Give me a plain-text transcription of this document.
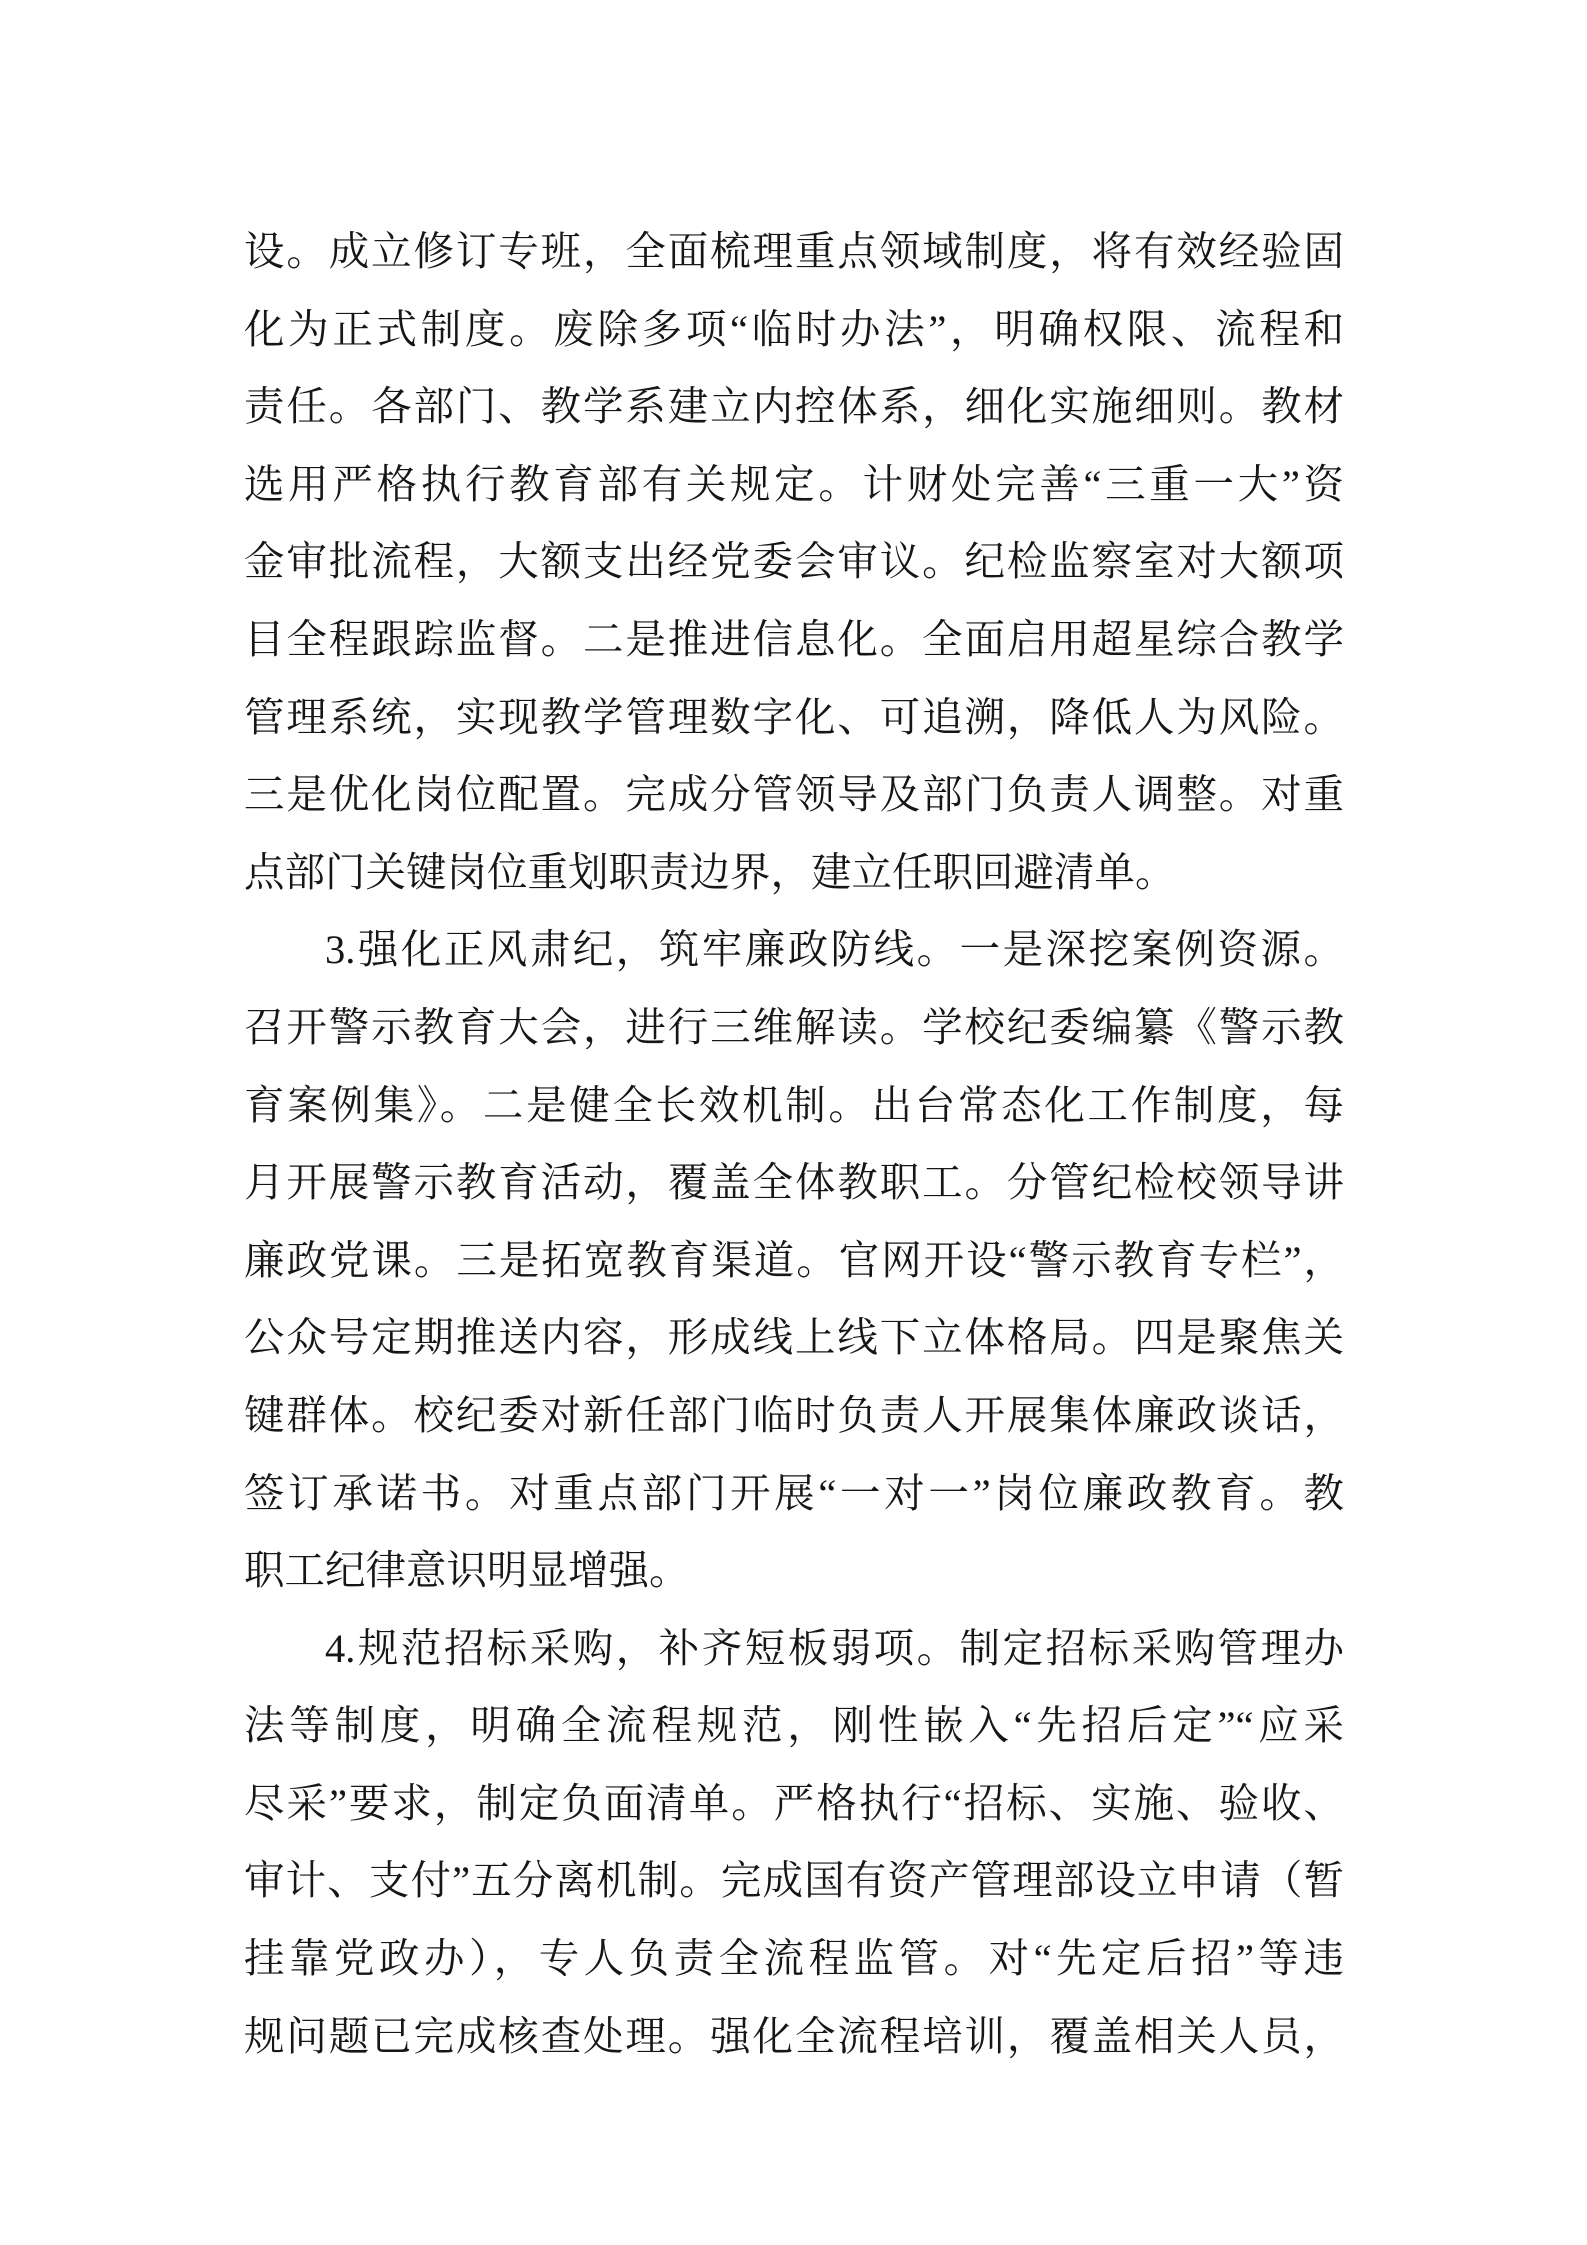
设。成立修订专班，全面梳理重点领域制度，将有效经验固
化为正式制度。废除多项“临时办法”，明确权限、流程和
责任。各部门、教学系建立内控体系，细化实施细则。教材
选用严格执行教育部有关规定。计财处完善“三重一大”资
金审批流程，大额支出经党委会审议。纪检监察室对大额项
目全程跟踪监督。二是推进信息化。全面启用超星综合教学
管理系统，实现教学管理数字化、可追溯，降低人为风险。
三是优化岗位配置。完成分管领导及部门负责人调整。对重
点部门关键岗位重划职责边界，建立任职回避清单。
3.强化正风肃纪，筑牢廉政防线。一是深挖案例资源。
召开警示教育大会，进行三维解读。学校纪委编纂《警示教
育案例集》。二是健全长效机制。出台常态化工作制度，每
月开展警示教育活动，覆盖全体教职工。分管纪检校领导讲
廉政党课。三是拓宽教育渠道。官网开设“警示教育专栏”，
公众号定期推送内容，形成线上线下立体格局。四是聚焦关
键群体。校纪委对新任部门临时负责人开展集体廉政谈话，
签订承诺书。对重点部门开展“一对一”岗位廉政教育。教
职工纪律意识明显增强。
4.规范招标采购，补齐短板弱项。制定招标采购管理办
法等制度，明确全流程规范，刚性嵌入“先招后定”“应采
尽采”要求，制定负面清单。严格执行“招标、实施、验收、
审计、支付”五分离机制。完成国有资产管理部设立申请（暂
挂靠党政办），专人负责全流程监管。对“先定后招”等违
规问题已完成核查处理。强化全流程培训，覆盖相关人员，
